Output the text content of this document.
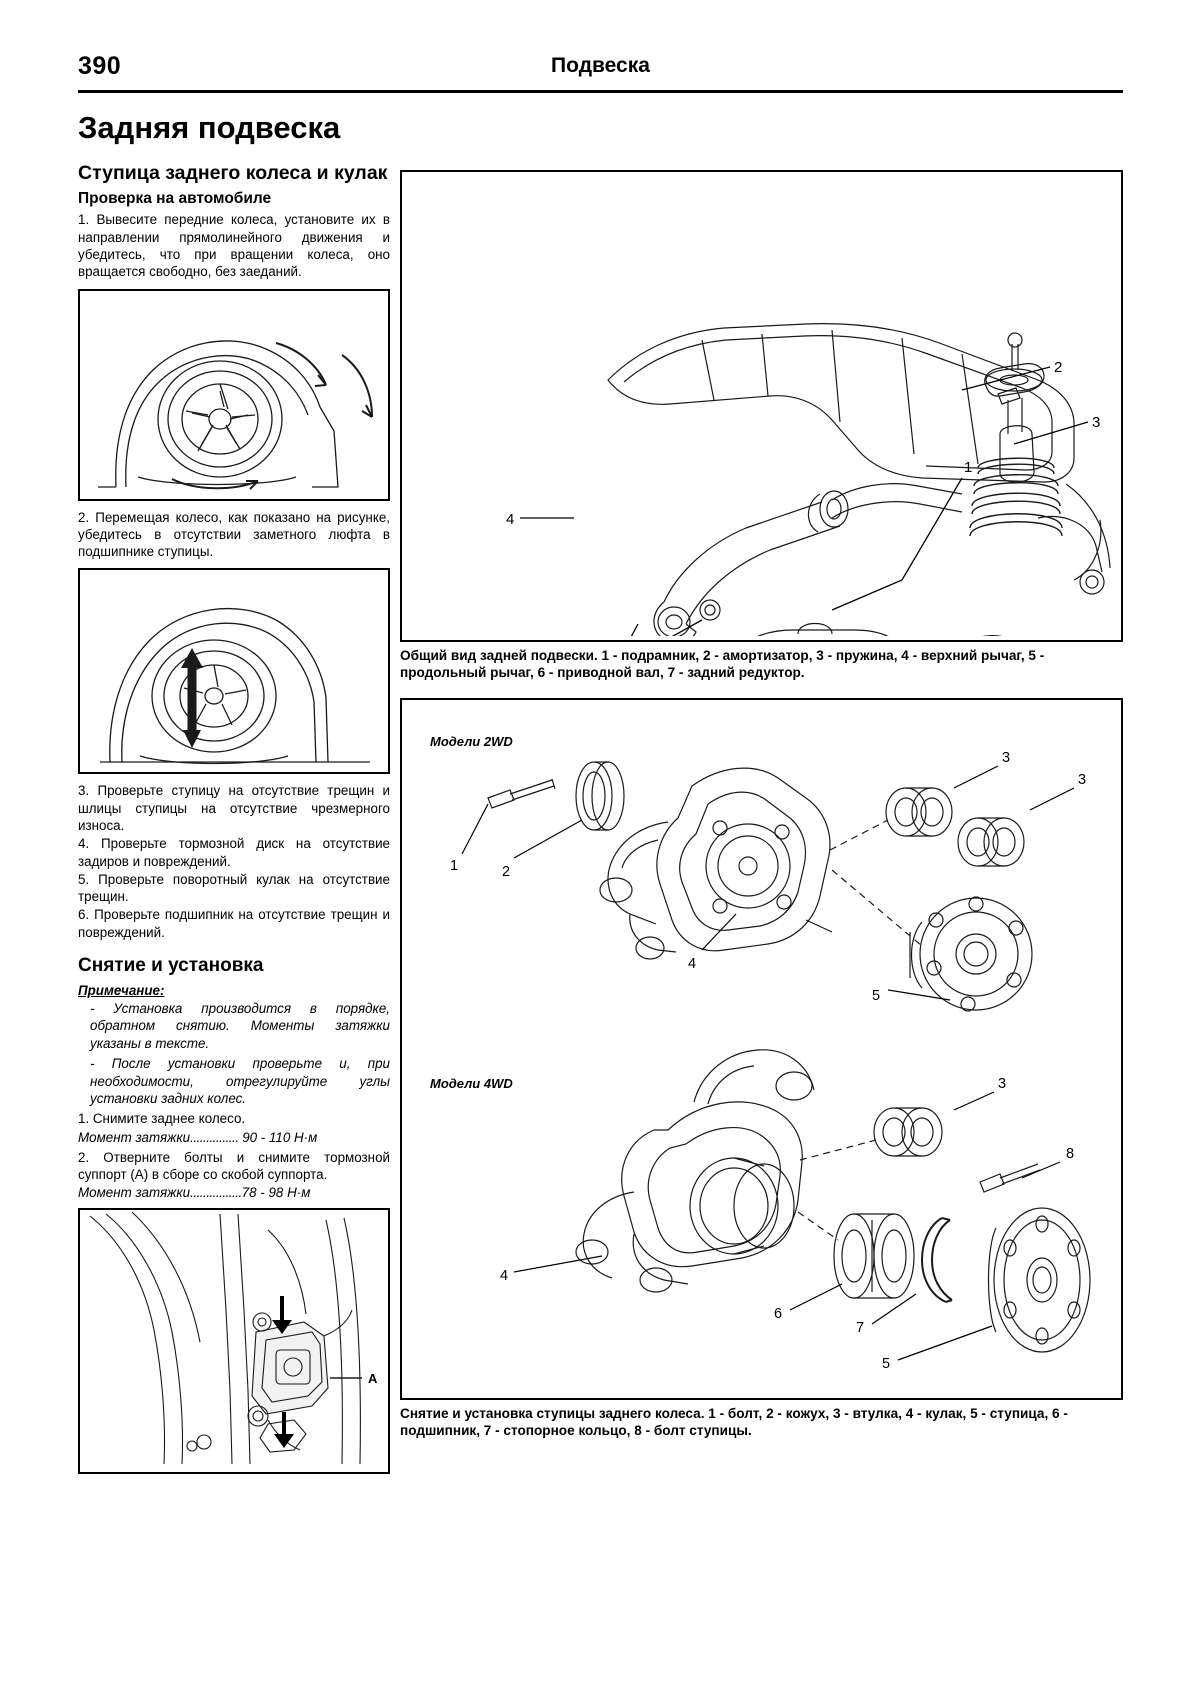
390	Подвеска
Задняя подвеска
Ступица заднего колеса и кулак
Проверка на автомобиле

1. Вывесите передние колеса, установите их в направлении прямолинейного движения и убедитесь, что при вращении колеса, оно вращается свободно, без заеданий.

2. Перемещая колесо, как показано на рисунке, убедитесь в отсутствии заметного люфта в подшипнике ступицы.

3. Проверьте ступицу на отсутствие трещин и шлицы ступицы на отсутствие чрезмерного износа.

4. Проверьте тормозной диск на отсутствие задиров и повреждений.

5. Проверьте поворотный кулак на отсутствие трещин.

6. Проверьте подшипник на отсутствие трещин и повреждений.

Снятие и установка
Примечание:

- Установка производится в порядке, обратном снятию. Моменты затяжки указаны в тексте.

- После установки проверьте и, при необходимости, отрегулируйте углы установки задних колес.

1. Снимите заднее колесо.

Момент затяжки............... 90 - 110 Н·м

2. Отверните болты и снимите тормозной суппорт (А) в сборе со скобой суппорта.

Момент затяжки................78 - 98 Н·м

А
2
3
1
4

Общий вид задней подвески. 1 - подрамник, 2 - амортизатор, 3 - пружина, 4 - верхний рычаг, 5 - продольный рычаг, 6 - приводной вал, 7 - задний редуктор.

Модели 2WD
Модели 4WD
1	2
4
5
3
3
3
4
6
7
8
5

Снятие и установка ступицы заднего колеса. 1 - болт, 2 - кожух, 3 - втулка, 4 - кулак, 5 - ступица, 6 - подшипник, 7 - стопорное кольцо, 8 - болт ступицы.
